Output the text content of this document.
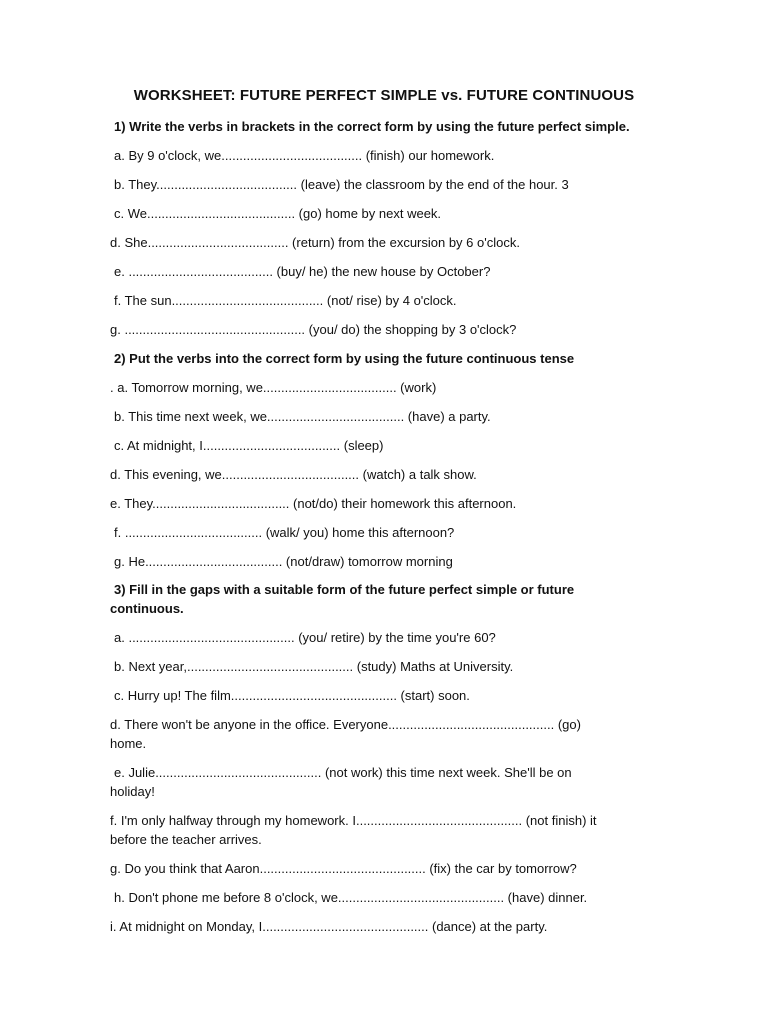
WORKSHEET: FUTURE PERFECT SIMPLE vs. FUTURE CONTINUOUS
1) Write the verbs in brackets in the correct form by using the future perfect simple.
a. By 9 o'clock, we....................................... (finish) our homework.
b. They....................................... (leave) the classroom by the end of the hour. 3
c. We......................................... (go) home by next week.
d. She....................................... (return) from the excursion by 6 o'clock.
e. ........................................ (buy/ he) the new house by October?
f. The sun.......................................... (not/ rise) by 4 o'clock.
g. .................................................. (you/ do) the shopping by 3 o'clock?
2) Put the verbs into the correct form by using the future continuous tense
. a. Tomorrow morning, we..................................... (work)
b. This time next week, we...................................... (have) a party.
c. At midnight, I...................................... (sleep)
d. This evening, we...................................... (watch) a talk show.
e. They...................................... (not/do) their homework this afternoon.
f. ...................................... (walk/ you) home this afternoon?
g. He...................................... (not/draw) tomorrow morning
3) Fill in the gaps with a suitable form of the future perfect simple or future
continuous.
a. .............................................. (you/ retire) by the time you're 60?
b. Next year,.............................................. (study) Maths at University.
c. Hurry up! The film.............................................. (start) soon.
d. There won't be anyone in the office. Everyone.............................................. (go)
home.
e. Julie.............................................. (not work) this time next week. She'll be on
holiday!
f. I'm only halfway through my homework. I.............................................. (not finish) it
before the teacher arrives.
g. Do you think that Aaron.............................................. (fix) the car by tomorrow?
h. Don't phone me before 8 o'clock, we.............................................. (have) dinner.
i. At midnight on Monday, I.............................................. (dance) at the party.
